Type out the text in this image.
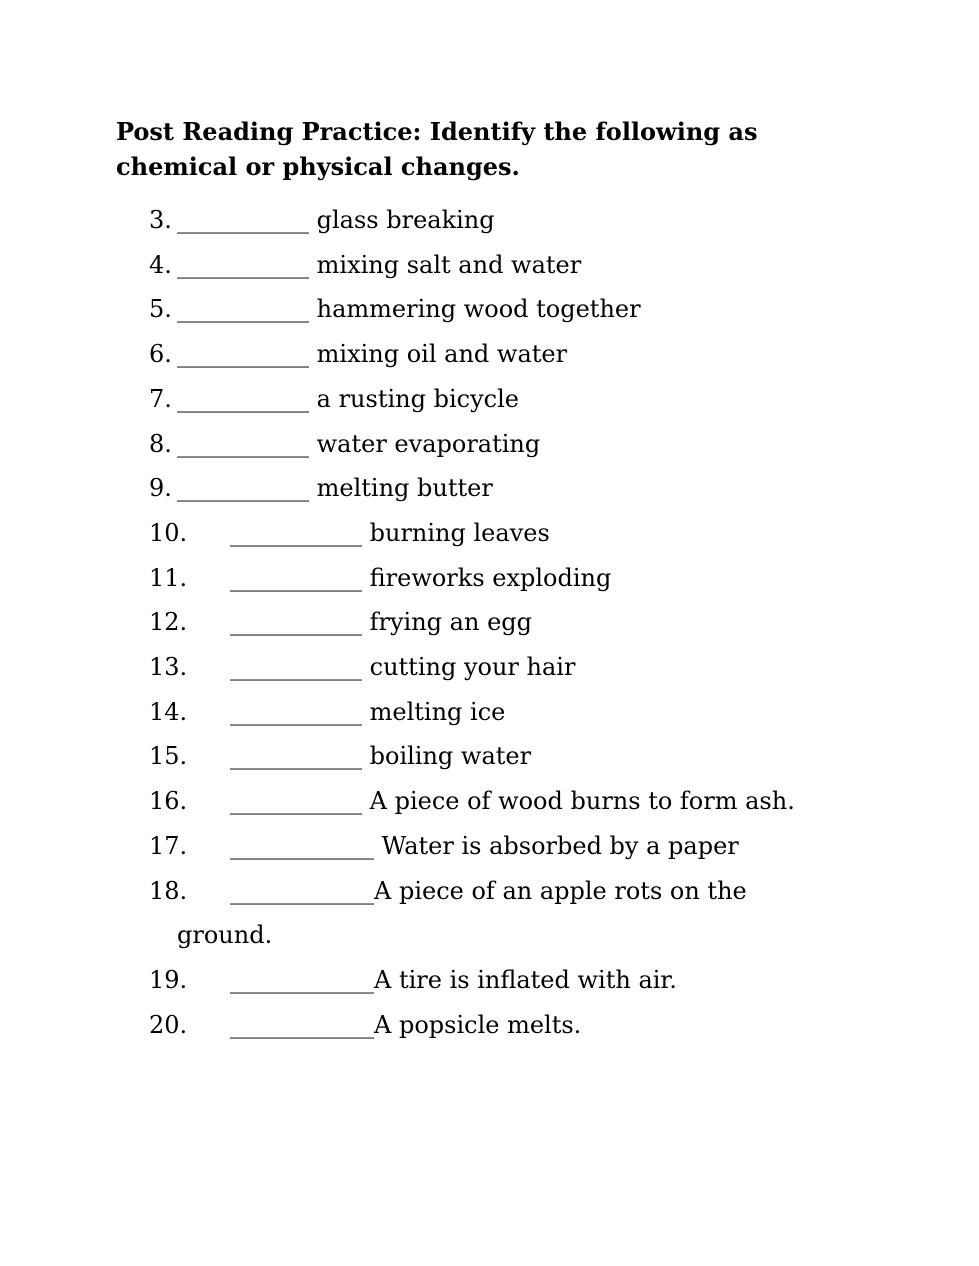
Post Reading Practice: Identify the following as
chemical or physical changes.
3. ___________ glass breaking
4. ___________ mixing salt and water
5. ___________ hammering wood together
6. ___________ mixing oil and water
7. ___________ a rusting bicycle
8. ___________ water evaporating
9. ___________ melting butter
10. ___________ burning leaves
11. ___________ fireworks exploding
12. ___________ frying an egg
13.___________ cutting your hair
14. ___________ melting ice
15.___________ boiling water
16. ___________ A piece of wood burns to form ash.
17. ____________ Water is absorbed by a paper
18. ____________A piece of an apple rots on the
ground.
19.____________A tire is inflated with air.
20. ____________A popsicle melts.
